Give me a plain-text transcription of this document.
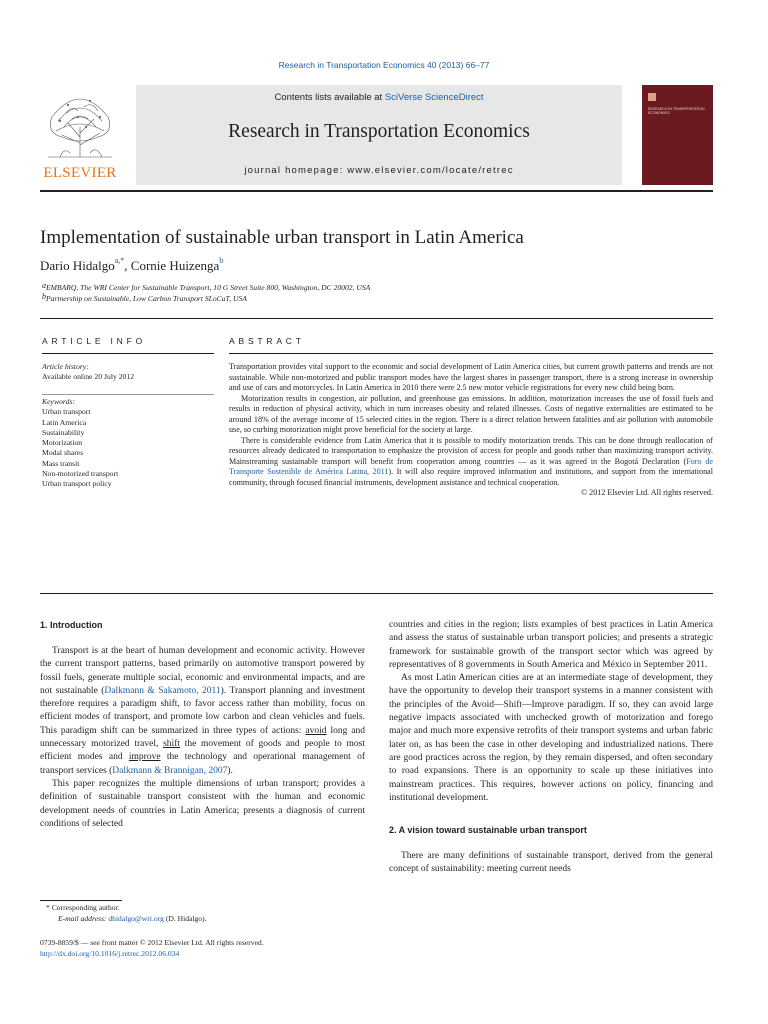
Research in Transportation Economics 40 (2013) 66–77
ELSEVIER
Contents lists available at SciVerse ScienceDirect
Research in Transportation Economics
journal homepage: www.elsevier.com/locate/retrec
RESEARCH IN TRANSPORTATION ECONOMICS
Implementation of sustainable urban transport in Latin America
Dario Hidalgo$^{a,*}$, Cornie Huizenga$^b$
$^a$EMBARQ, The WRI Center for Sustainable Transport, 10 G Street Suite 800, Washington, DC 20002, USA
$^b$Partnership on Sustainable, Low Carbon Transport SLoCaT, USA
ARTICLE INFO	ABSTRACT
Article history:
Available online 20 July 2012
Keywords:
Urban transport
Latin America
Sustainability
Motorization
Modal shares
Mass transit
Non-motorized transport
Urban transport policy

Transportation provides vital support to the economic and social development of Latin America cities, but current growth patterns and trends are not sustainable. While non-motorized and public transport modes have the largest shares in passenger transport, there is a strong increase in ownership and use of cars and motorcycles. In Latin America in 2010 there were 2.5 new motor vehicle registrations for every new child being born.

Motorization results in congestion, air pollution, and greenhouse gas emissions. In addition, motorization increases the use of fossil fuels and results in reduction of physical activity, which in turn increases obesity and related illnesses. Costs of negative externalities are estimated to be around 18% of the average income of 15 selected cities in the region. There is a direct relation between fatalities and air pollution with automobile use, so curbing motorization might prove beneficial for the society at large.

There is considerable evidence from Latin America that it is possible to modify motorization trends. This can be done through reallocation of resources already dedicated to transportation to emphasize the provision of access for people and goods rather than maximizing transport activity. Mainstreaming sustainable transport will benefit from cooperation among countries — as it was agreed in the Bogotá Declaration (Foro de Transporte Sostenible de América Latina, 2011). It will also require improved information and institutions, and support from the international community, through focused financial instruments, development assistance and technical cooperation.

© 2012 Elsevier Ltd. All rights reserved.

1. Introduction

Transport is at the heart of human development and economic activity. However the current transport patterns, based primarily on automotive transport powered by fossil fuels, generate multiple social, economic and environmental impacts, and are not sustainable (Dalkmann & Sakamoto, 2011). Transport planning and investment therefore requires a paradigm shift, to favor access rather than mobility, focus on efficient modes of transport, and promote low carbon and clean vehicles and fuels. This paradigm shift can be summarized in three types of actions: avoid long and unnecessary motorized travel, shift the movement of goods and people to most efficient modes and improve the technology and operational management of transport services (Dalkmann & Brannigan, 2007).

This paper recognizes the multiple dimensions of urban transport; provides a definition of sustainable transport consistent with the human and economic development needs of countries in Latin America; presents a diagnosis of current conditions of selected

countries and cities in the region; lists examples of best practices in Latin America and assess the status of sustainable urban transport policies; and presents a strategic framework for sustainable growth of the transport sector which was agreed by representatives of 8 governments in South America and México in September 2011.

As most Latin American cities are at an intermediate stage of development, they have the opportunity to develop their transport systems in a manner consistent with the principles of the Avoid—Shift—Improve paradigm. If so, they can avoid large negative impacts associated with unchecked growth of motorization and forego major and much more expensive retrofits of their transport systems and urban fabric later on, as has been the case in other developing and industrialized nations. There are good practices across the region, by they remain dispersed, and often secondary to road expansions. There is an opportunity to scale up these initiatives into mainstream practices. This requires, however actions on policy, financing and institutional development.

2. A vision toward sustainable urban transport

There are many definitions of sustainable transport, derived from the general concept of sustainability: meeting current needs

* Corresponding author.
E-mail address: dhidalgo@wri.org (D. Hidalgo).
0739-8859/$ — see front matter © 2012 Elsevier Ltd. All rights reserved.
http://dx.doi.org/10.1016/j.retrec.2012.06.034
